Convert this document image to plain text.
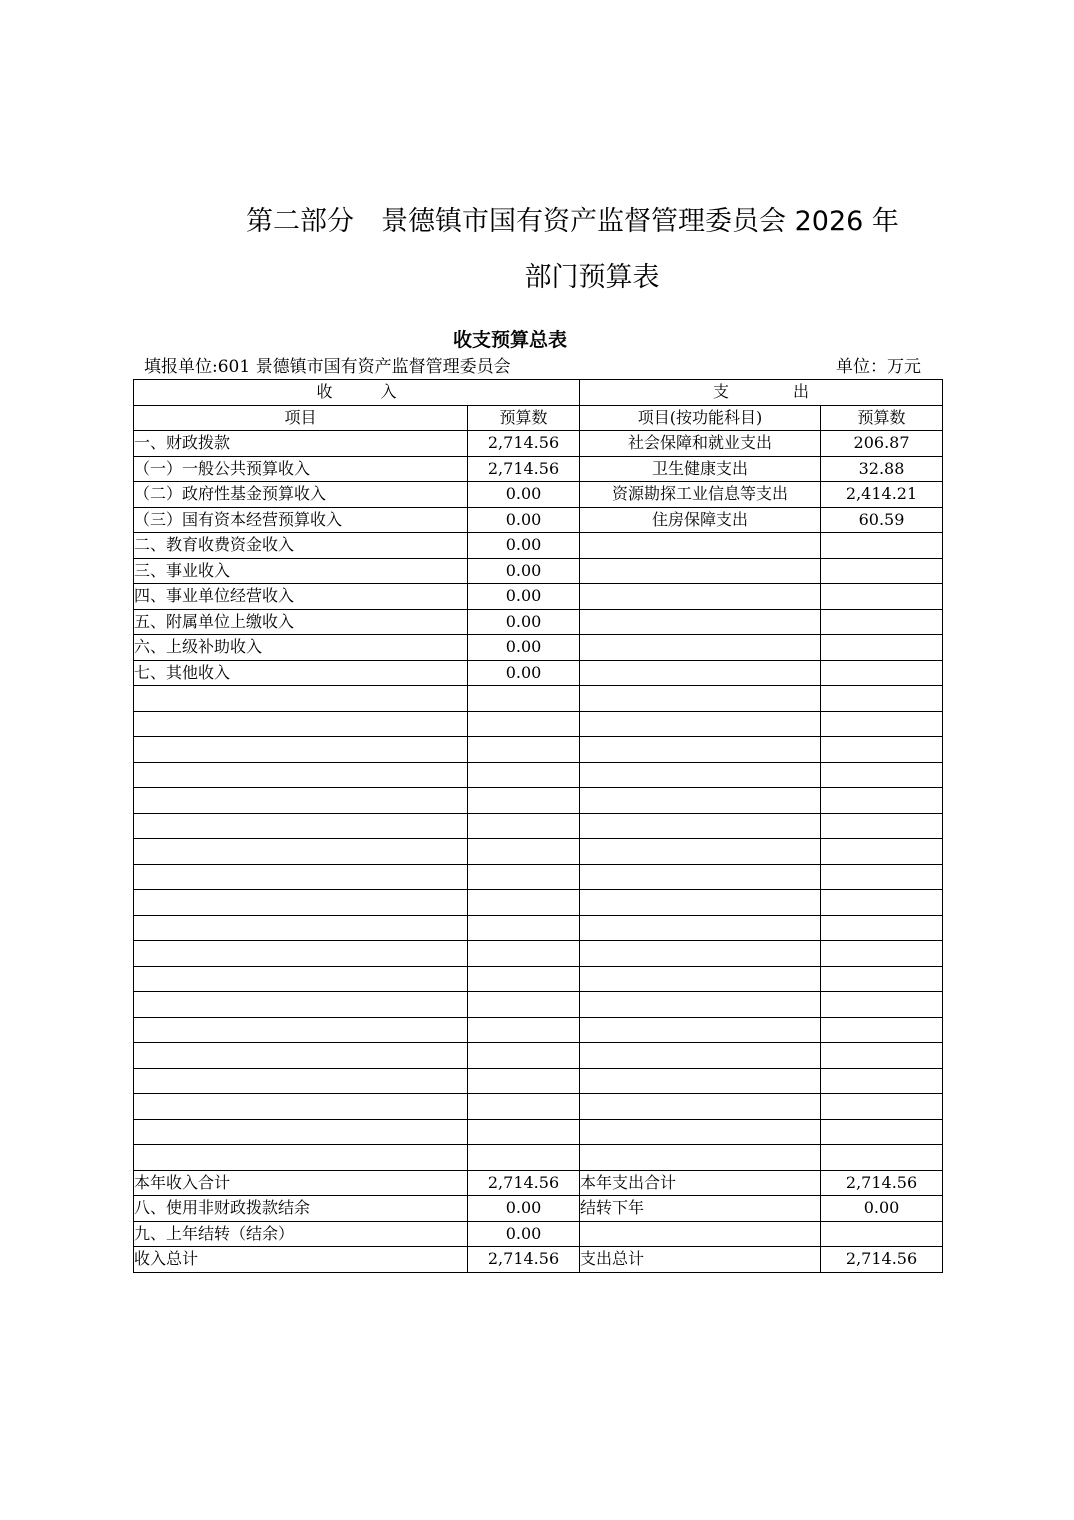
第二部分　景德镇市国有资产监督管理委员会 2026 年
部门预算表
收支预算总表
填报单位:601 景德镇市国有资产监督管理委员会	单位：万元
收　　　入		支　　　　出	
项目	预算数	项目(按功能科目)	预算数
一、财政拨款	2,714.56	社会保障和就业支出	206.87
（一）一般公共预算收入	2,714.56	卫生健康支出	32.88
（二）政府性基金预算收入	0.00	资源勘探工业信息等支出	2,414.21
（三）国有资本经营预算收入	0.00	住房保障支出	60.59
二、教育收费资金收入	0.00		
三、事业收入	0.00		
四、事业单位经营收入	0.00		
五、附属单位上缴收入	0.00		
六、上级补助收入	0.00		
七、其他收入	0.00		

本年收入合计	2,714.56	本年支出合计	2,714.56
八、使用非财政拨款结余	0.00	结转下年	0.00
九、上年结转（结余）	0.00		
收入总计	2,714.56	支出总计	2,714.56
